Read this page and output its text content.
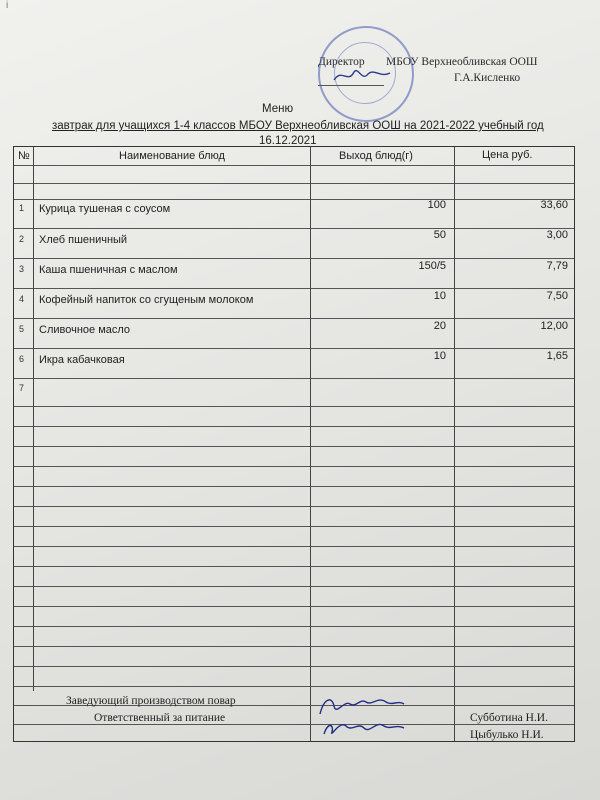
і
Директор МБОУ Верхнеобливская ООШ
Г.А.Кисленко
Меню
завтрак для учащихся 1-4 классов МБОУ Верхнеобливская ООШ на 2021-2022 учебный год
16.12.2021
№	Наименование блюд	Выход блюд(г)	Цена руб.
1 Курица тушеная с соусом	100	33,60
2 Хлеб пшеничный	50	3,00
3 Каша пшеничная с маслом	150/5	7,79
4 Кофейный напиток со сгущеным молоком	10	7,50
5 Сливочное масло	20	12,00
6 Икра кабачковая	10	1,65
7
Заведующий производством повар
Ответственный за питание	Субботина Н.И.
Цыбулько Н.И.
